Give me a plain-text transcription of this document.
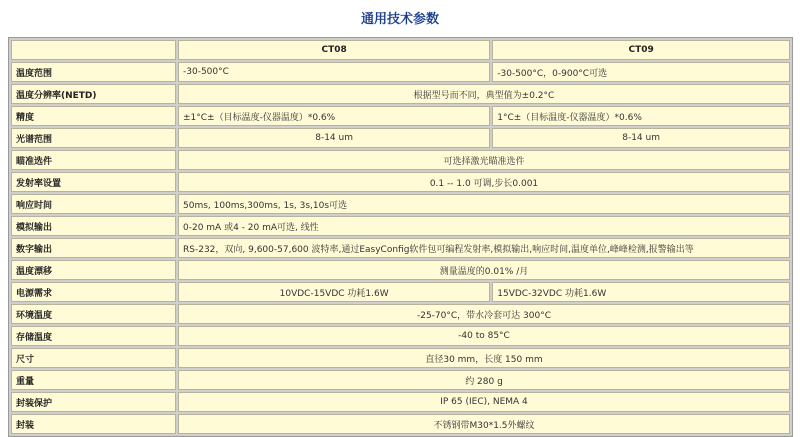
通用技术参数
	CT08	CT09
温度范围	-30-500°C	-30-500°C，0-900°C可选
温度分辨率(NETD)	根据型号而不同，典型值为±0.2°C	
精度	±1°C±（目标温度-仪器温度）*0.6%	1°C±（目标温度-仪器温度）*0.6%
光谱范围	8-14 um	8-14 um
瞄准选件	可选择激光瞄准选件	
发射率设置	0.1 -- 1.0 可调,步长0.001	
响应时间	50ms, 100ms,300ms, 1s, 3s,10s可选	
模拟输出	0-20 mA 或4 - 20 mA可选, 线性	
数字输出	RS-232，双向, 9,600-57,600 波特率,通过EasyConfig软件包可编程发射率,模拟输出,响应时间,温度单位,峰峰检测,报警输出等	
温度漂移	测量温度的0.01% /月	
电源需求	10VDC-15VDC 功耗1.6W	15VDC-32VDC 功耗1.6W
环境温度	-25-70°C，带水冷套可达 300°C	
存储温度	-40 to 85°C	
尺寸	直径30 mm，长度 150 mm	
重量	约 280 g	
封装保护	IP 65 (IEC), NEMA 4	
封装	不锈钢带M30*1.5外螺纹	
